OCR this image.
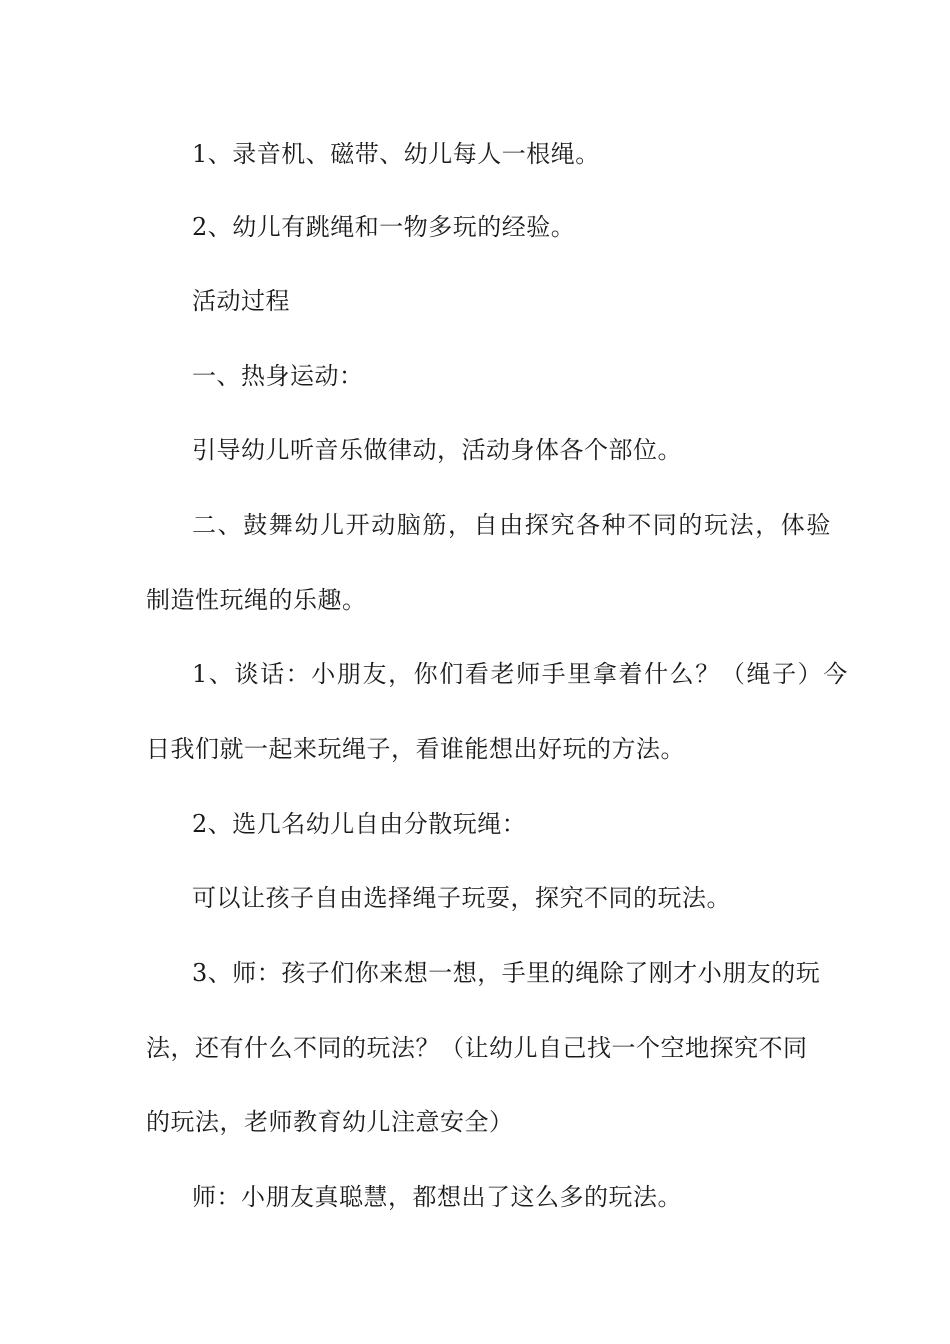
1、录音机、磁带、幼儿每人一根绳。
2、幼儿有跳绳和一物多玩的经验。
活动过程
一、热身运动：
引导幼儿听音乐做律动，活动身体各个部位。
二、鼓舞幼儿开动脑筋，自由探究各种不同的玩法，体验
制造性玩绳的乐趣。
1、谈话：小朋友，你们看老师手里拿着什么？（绳子）今
日我们就一起来玩绳子，看谁能想出好玩的方法。
2、选几名幼儿自由分散玩绳：
可以让孩子自由选择绳子玩耍，探究不同的玩法。
3、师：孩子们你来想一想，手里的绳除了刚才小朋友的玩
法，还有什么不同的玩法？（让幼儿自己找一个空地探究不同
的玩法，老师教育幼儿注意安全）
师：小朋友真聪慧，都想出了这么多的玩法。
